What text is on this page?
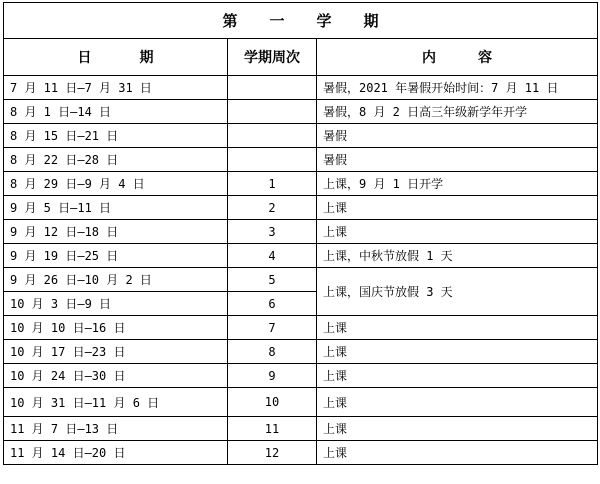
第一学期		
日期	学期周次	内容
7 月 11 日—7 月 31 日		暑假，2021 年暑假开始时间：7 月 11 日
8 月 1 日—14 日		暑假，8 月 2 日高三年级新学年开学
8 月 15 日—21 日		暑假
8 月 22 日—28 日		暑假
8 月 29 日—9 月 4 日	1	上课，9 月 1 日开学
9 月 5 日—11 日	2	上课
9 月 12 日—18 日	3	上课
9 月 19 日—25 日	4	上课，中秋节放假 1 天
9 月 26 日—10 月 2 日	5	上课，国庆节放假 3 天
10 月 3 日—9 日	6	
10 月 10 日—16 日	7	上课
10 月 17 日—23 日	8	上课
10 月 24 日—30 日	9	上课
10 月 31 日—11 月 6 日	10	上课
11 月 7 日—13 日	11	上课
11 月 14 日—20 日	12	上课
